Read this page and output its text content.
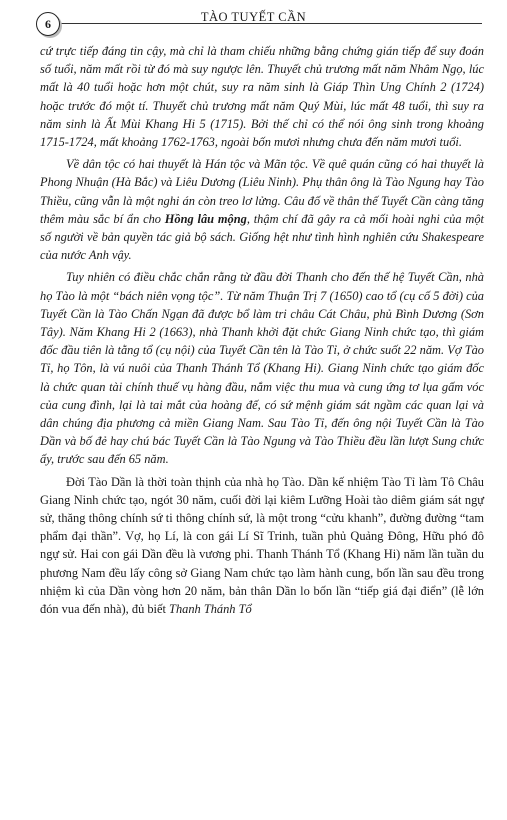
6	TÀO TUYẾT CẦN

cứ trực tiếp đáng tin cậy, mà chỉ là tham chiếu những bằng chứng gián tiếp để suy đoán số tuổi, năm mất rồi từ đó mà suy ngược lên. Thuyết chủ trương mất năm Nhâm Ngọ, lúc mất là 40 tuổi hoặc hơn một chút, suy ra năm sinh là Giáp Thìn Ung Chính 2 (1724) hoặc trước đó một tí. Thuyết chủ trương mất năm Quý Mùi, lúc mất 48 tuổi, thì suy ra năm sinh là Ất Mùi Khang Hi 5 (1715). Bởi thế chỉ có thể nói ông sinh trong khoảng 1715-1724, mất khoảng 1762-1763, ngoài bốn mươi nhưng chưa đến năm mươi tuổi.

Về dân tộc có hai thuyết là Hán tộc và Mãn tộc. Về quê quán cũng có hai thuyết là Phong Nhuận (Hà Bắc) và Liêu Dương (Liêu Ninh). Phụ thân ông là Tào Ngung hay Tào Thiều, cũng vẫn là một nghi án còn treo lơ lửng. Câu đố về thân thế Tuyết Cần càng tăng thêm màu sắc bí ẩn cho Hồng lâu mộng, thậm chí đã gây ra cả mối hoài nghi của một số người về bản quyền tác giả bộ sách. Giống hệt như tình hình nghiên cứu Shakespeare của nước Anh vậy.

Tuy nhiên có điều chắc chắn rằng từ đầu đời Thanh cho đến thế hệ Tuyết Cần, nhà họ Tào là một “bách niên vọng tộc”. Từ năm Thuận Trị 7 (1650) cao tổ (cụ cố 5 đời) của Tuyết Cần là Tào Chấn Ngạn đã được bổ làm tri châu Cát Châu, phủ Bình Dương (Sơn Tây). Năm Khang Hi 2 (1663), nhà Thanh khởi đặt chức Giang Ninh chức tạo, thì giám đốc đầu tiên là tằng tổ (cụ nội) của Tuyết Cần tên là Tào Tỉ, ở chức suốt 22 năm. Vợ Tào Tỉ, họ Tôn, là vú nuôi của Thanh Thánh Tổ (Khang Hi). Giang Ninh chức tạo giám đốc là chức quan tài chính thuế vụ hàng đầu, nắm việc thu mua và cung ứng tơ lụa gấm vóc của cung đình, lại là tai mắt của hoàng đế, có sứ mệnh giám sát ngầm các quan lại và dân chúng địa phương cả miền Giang Nam. Sau Tào Tỉ, đến ông nội Tuyết Cần là Tào Dần và bố đẻ hay chú bác Tuyết Cần là Tào Ngung và Tào Thiều đều lần lượt Sung chức ấy, trước sau đến 65 năm.

Đời Tào Dần là thời toàn thịnh của nhà họ Tào. Dần kế nhiệm Tào Tỉ làm Tô Châu Giang Ninh chức tạo, ngót 30 năm, cuối đời lại kiêm Lưỡng Hoài tào diêm giám sát ngự sử, thăng thông chính sứ ti thông chính sứ, là một trong “cửu khanh”, đường đường “tam phẩm đại thần”. Vợ, họ Lí, là con gái Lí Sĩ Trinh, tuần phủ Quảng Đông, Hữu phó đô ngự sử. Hai con gái Dần đều là vương phi. Thanh Thánh Tổ (Khang Hi) năm lần tuần du phương Nam đều lấy công sở Giang Nam chức tạo làm hành cung, bốn lần sau đều trong nhiệm kì của Dần vòng hơn 20 năm, bản thân Dần lo bốn lần “tiếp giá đại điển” (lễ lớn đón vua đến nhà), đủ biết Thanh Thánh Tổ
